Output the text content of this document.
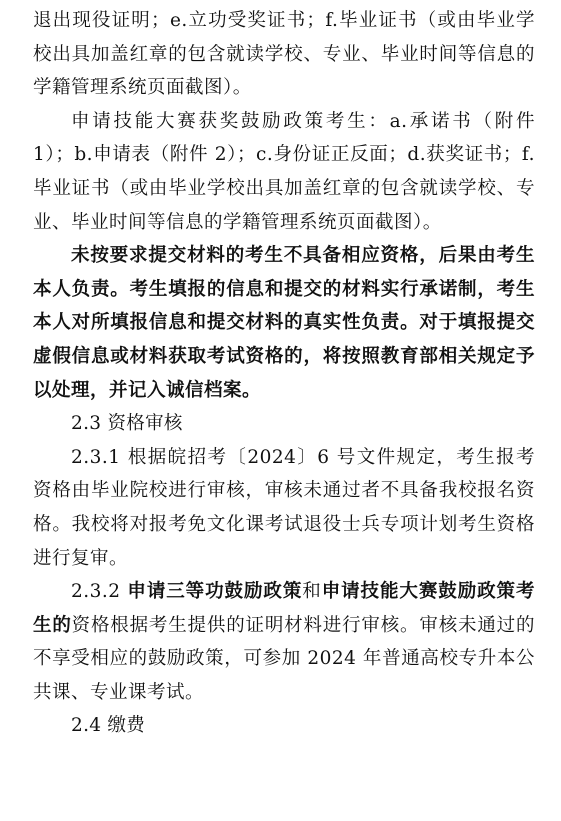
退出现役证明；e.立功受奖证书；f.毕业证书（或由毕业学校出具加盖红章的包含就读学校、专业、毕业时间等信息的学籍管理系统页面截图）。

申请技能大赛获奖鼓励政策考生：a.承诺书（附件 1）；b.申请表（附件 2）；c.身份证正反面；d.获奖证书；f.毕业证书（或由毕业学校出具加盖红章的包含就读学校、专业、毕业时间等信息的学籍管理系统页面截图）。

未按要求提交材料的考生不具备相应资格，后果由考生本人负责。考生填报的信息和提交的材料实行承诺制，考生本人对所填报信息和提交材料的真实性负责。对于填报提交虚假信息或材料获取考试资格的，将按照教育部相关规定予以处理，并记入诚信档案。

2.3 资格审核

2.3.1 根据皖招考〔2024〕6 号文件规定，考生报考资格由毕业院校进行审核，审核未通过者不具备我校报名资格。我校将对报考免文化课考试退役士兵专项计划考生资格进行复审。

2.3.2 申请三等功鼓励政策和申请技能大赛鼓励政策考生的资格根据考生提供的证明材料进行审核。审核未通过的不享受相应的鼓励政策，可参加 2024 年普通高校专升本公共课、专业课考试。

2.4 缴费
